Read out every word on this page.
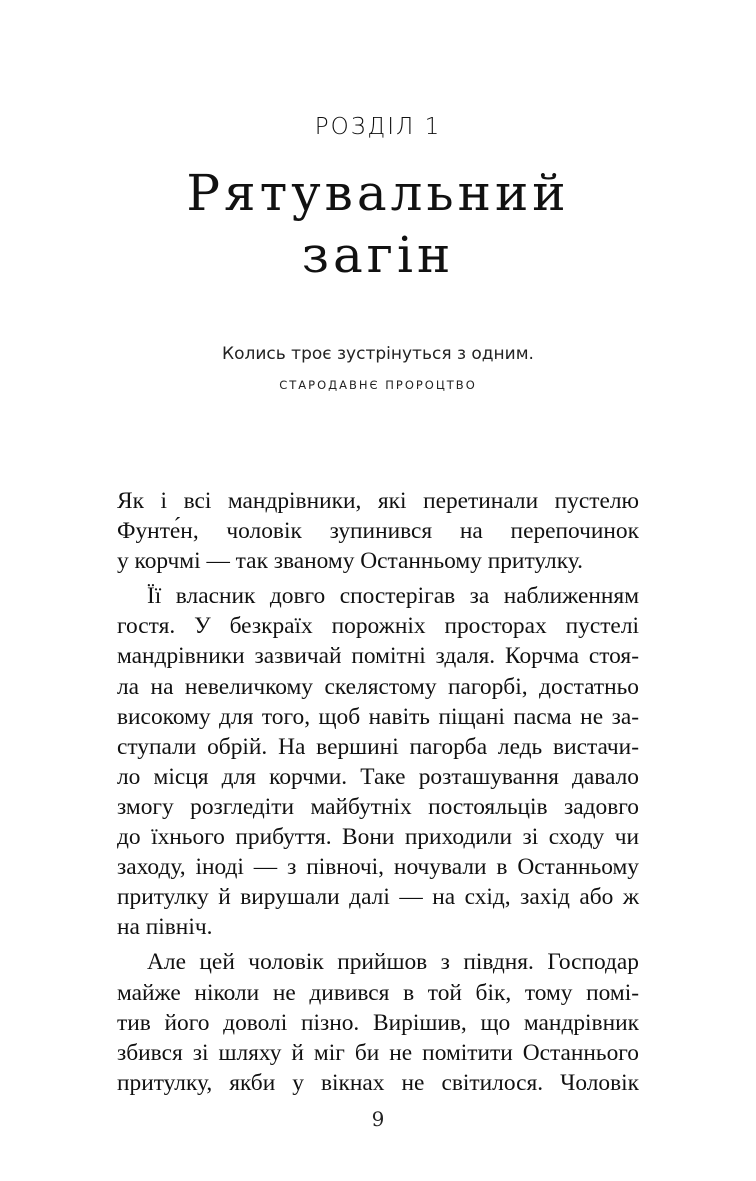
РОЗДІЛ 1
Рятувальний
загін
Колись троє зустрінуться з одним.
СТАРОДАВНЄ ПРОРОЦТВО

Як і всі мандрівники, які перетинали пустелю
Фунте́н, чоловік зупинився на перепочинок
у корчмі — так званому Останньому притулку.

Її власник довго спостерігав за наближенням
гостя. У безкраїх порожніх просторах пустелі
мандрівники зазвичай помітні здаля. Корчма стоя-
ла на невеличкому скелястому пагорбі, достатньо
високому для того, щоб навіть піщані пасма не за-
ступали обрій. На вершині пагорба ледь вистачи-
ло місця для корчми. Таке розташування давало
змогу розгледіти майбутніх постояльців задовго
до їхнього прибуття. Вони приходили зі сходу чи
заходу, іноді — з півночі, ночували в Останньому
притулку й вирушали далі — на схід, захід або ж
на північ.

Але цей чоловік прийшов з півдня. Господар
майже ніколи не дивився в той бік, тому помі-
тив його доволі пізно. Вирішив, що мандрівник
збився зі шляху й міг би не помітити Останнього
притулку, якби у вікнах не світилося. Чоловік

9
